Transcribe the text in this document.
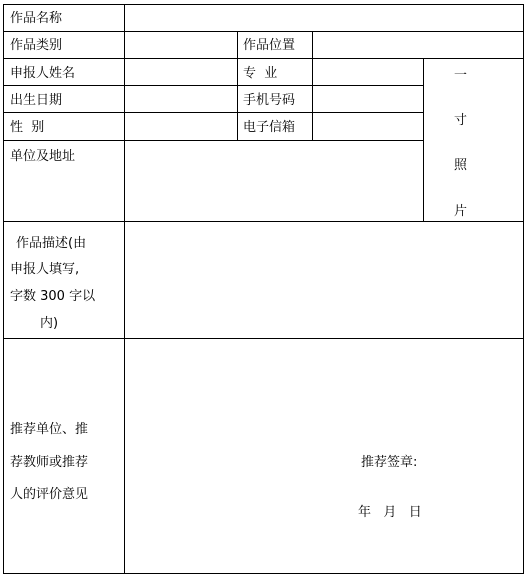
作品名称
作品类别	作品位置
申报人姓名	专  业
出生日期	手机号码
性  别	电子信箱
单位及地址
一
寸
照
片
作品描述(由
申报人填写,
字数 300 字以
内)
推荐单位、推
荐教师或推荐
人的评价意见
推荐签章:
年   月   日
